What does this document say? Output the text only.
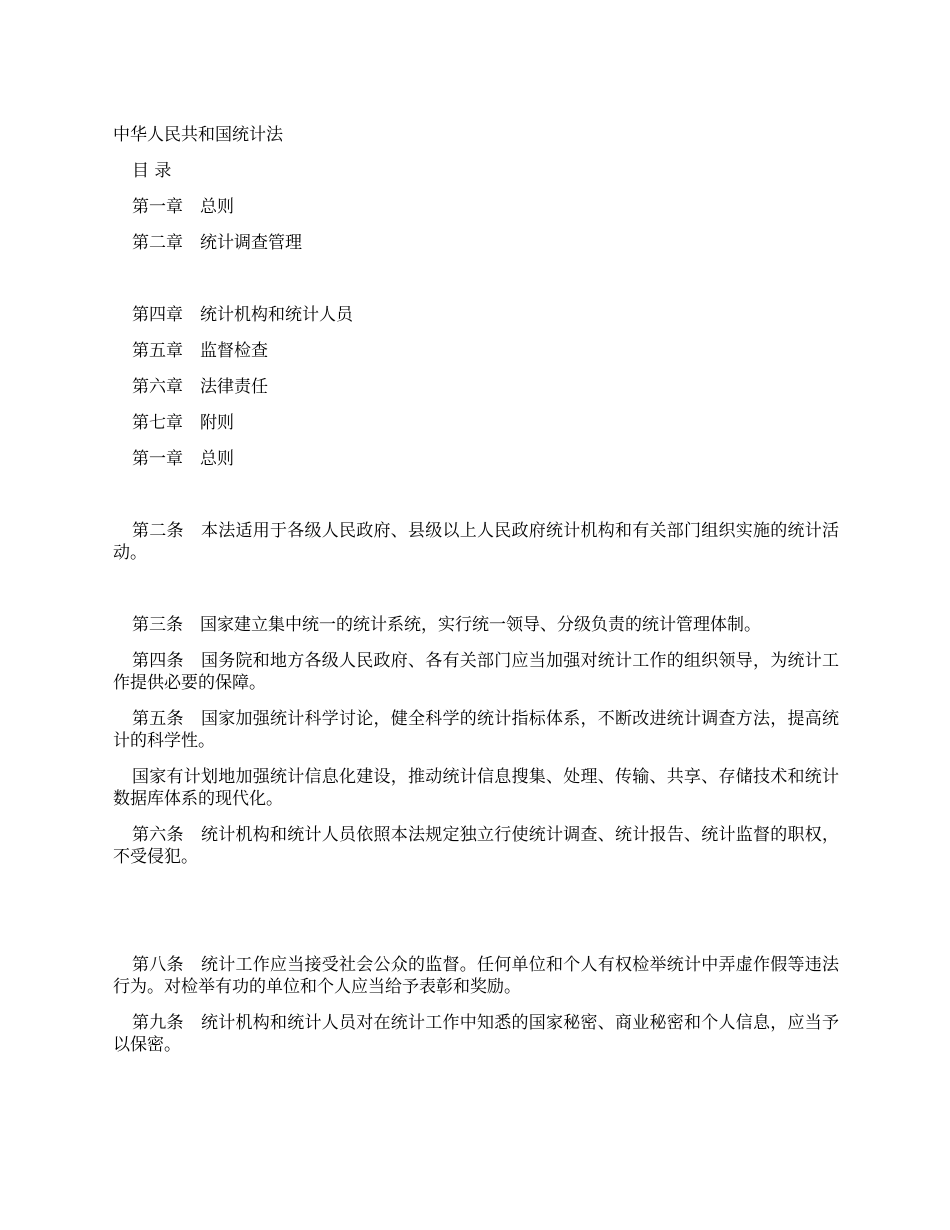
中华人民共和国统计法
目 录
第一章　总则
第二章　统计调查管理
第四章　统计机构和统计人员
第五章　监督检查
第六章　法律责任
第七章　附则
第一章　总则
第二条　本法适用于各级人民政府、县级以上人民政府统计机构和有关部门组织实施的统计活动。
第三条　国家建立集中统一的统计系统，实行统一领导、分级负责的统计管理体制。
第四条　国务院和地方各级人民政府、各有关部门应当加强对统计工作的组织领导，为统计工作提供必要的保障。
第五条　国家加强统计科学讨论，健全科学的统计指标体系，不断改进统计调查方法，提高统计的科学性。
国家有计划地加强统计信息化建设，推动统计信息搜集、处理、传输、共享、存储技术和统计数据库体系的现代化。
第六条　统计机构和统计人员依照本法规定独立行使统计调查、统计报告、统计监督的职权，不受侵犯。
第八条　统计工作应当接受社会公众的监督。任何单位和个人有权检举统计中弄虚作假等违法行为。对检举有功的单位和个人应当给予表彰和奖励。
第九条　统计机构和统计人员对在统计工作中知悉的国家秘密、商业秘密和个人信息，应当予以保密。
